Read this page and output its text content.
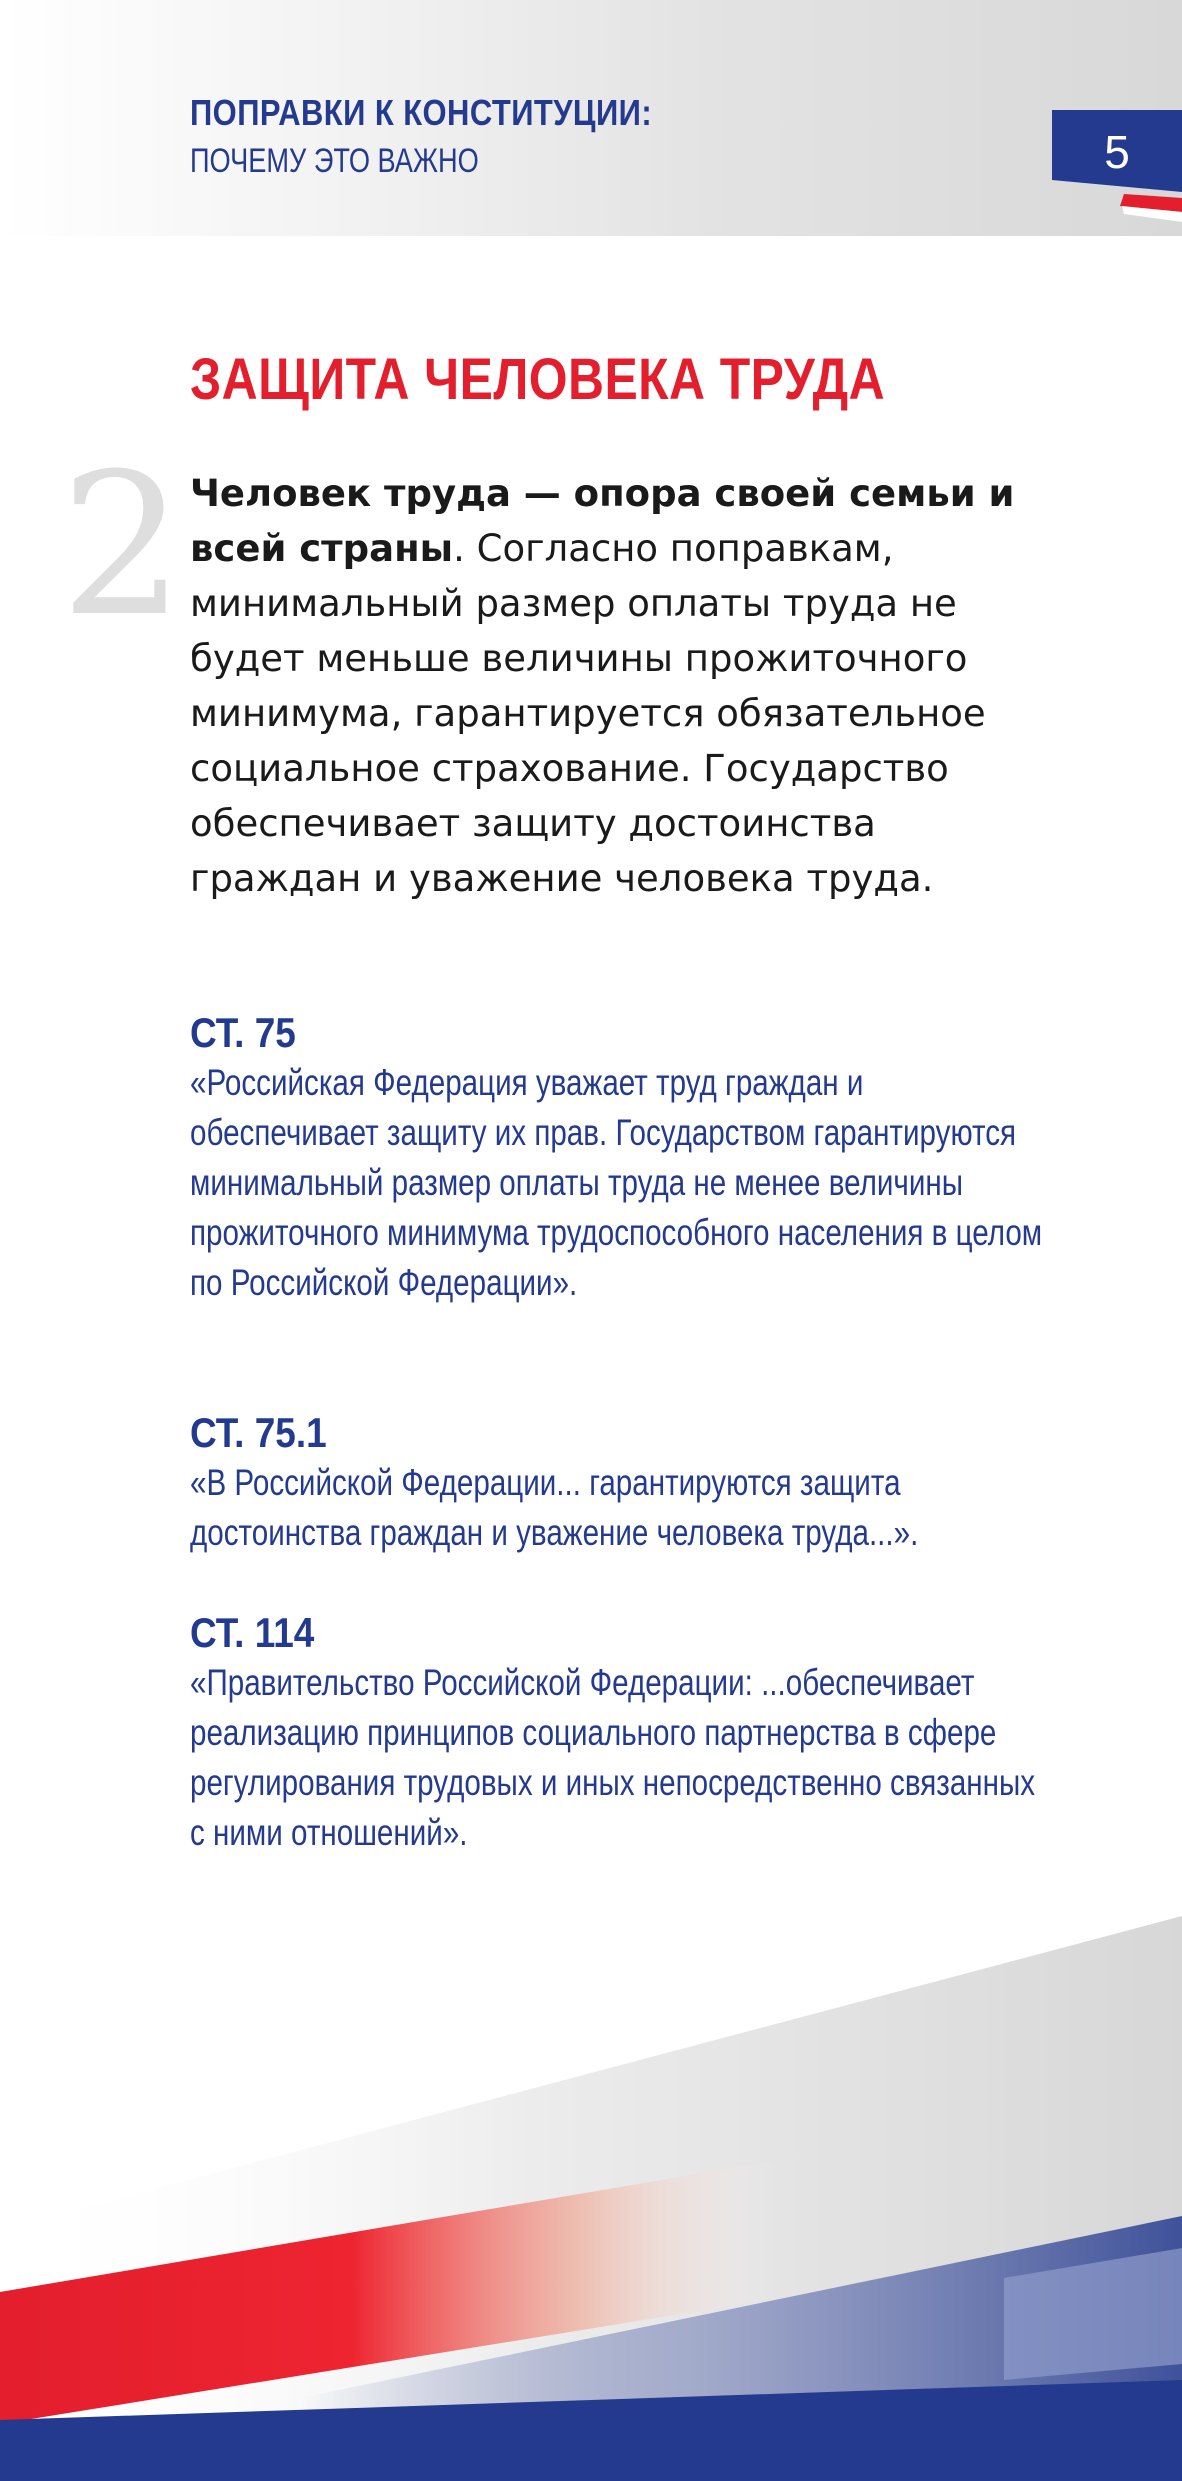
ПОПРАВКИ К КОНСТИТУЦИИ:
ПОЧЕМУ ЭТО ВАЖНО	5
ЗАЩИТА ЧЕЛОВЕКА ТРУДА
2 Человек труда — опора своей семьи и всей страны. Согласно поправкам, минимальный размер оплаты труда не будет меньше величины прожиточного минимума, гарантируется обязательное социальное страхование. Государство обеспечивает защиту достоинства граждан и уважение человека труда.
СТ. 75
«Российская Федерация уважает труд граждан и обеспечивает защиту их прав. Государством гарантируются минимальный размер оплаты труда не менее величины прожиточного минимума трудоспособного населения в целом по Российской Федерации».
СТ. 75.1
«В Российской Федерации... гарантируются защита достоинства граждан и уважение человека труда...».
СТ. 114
«Правительство Российской Федерации: ...обеспечивает реализацию принципов социального партнерства в сфере регулирования трудовых и иных непосредственно связанных с ними отношений».
